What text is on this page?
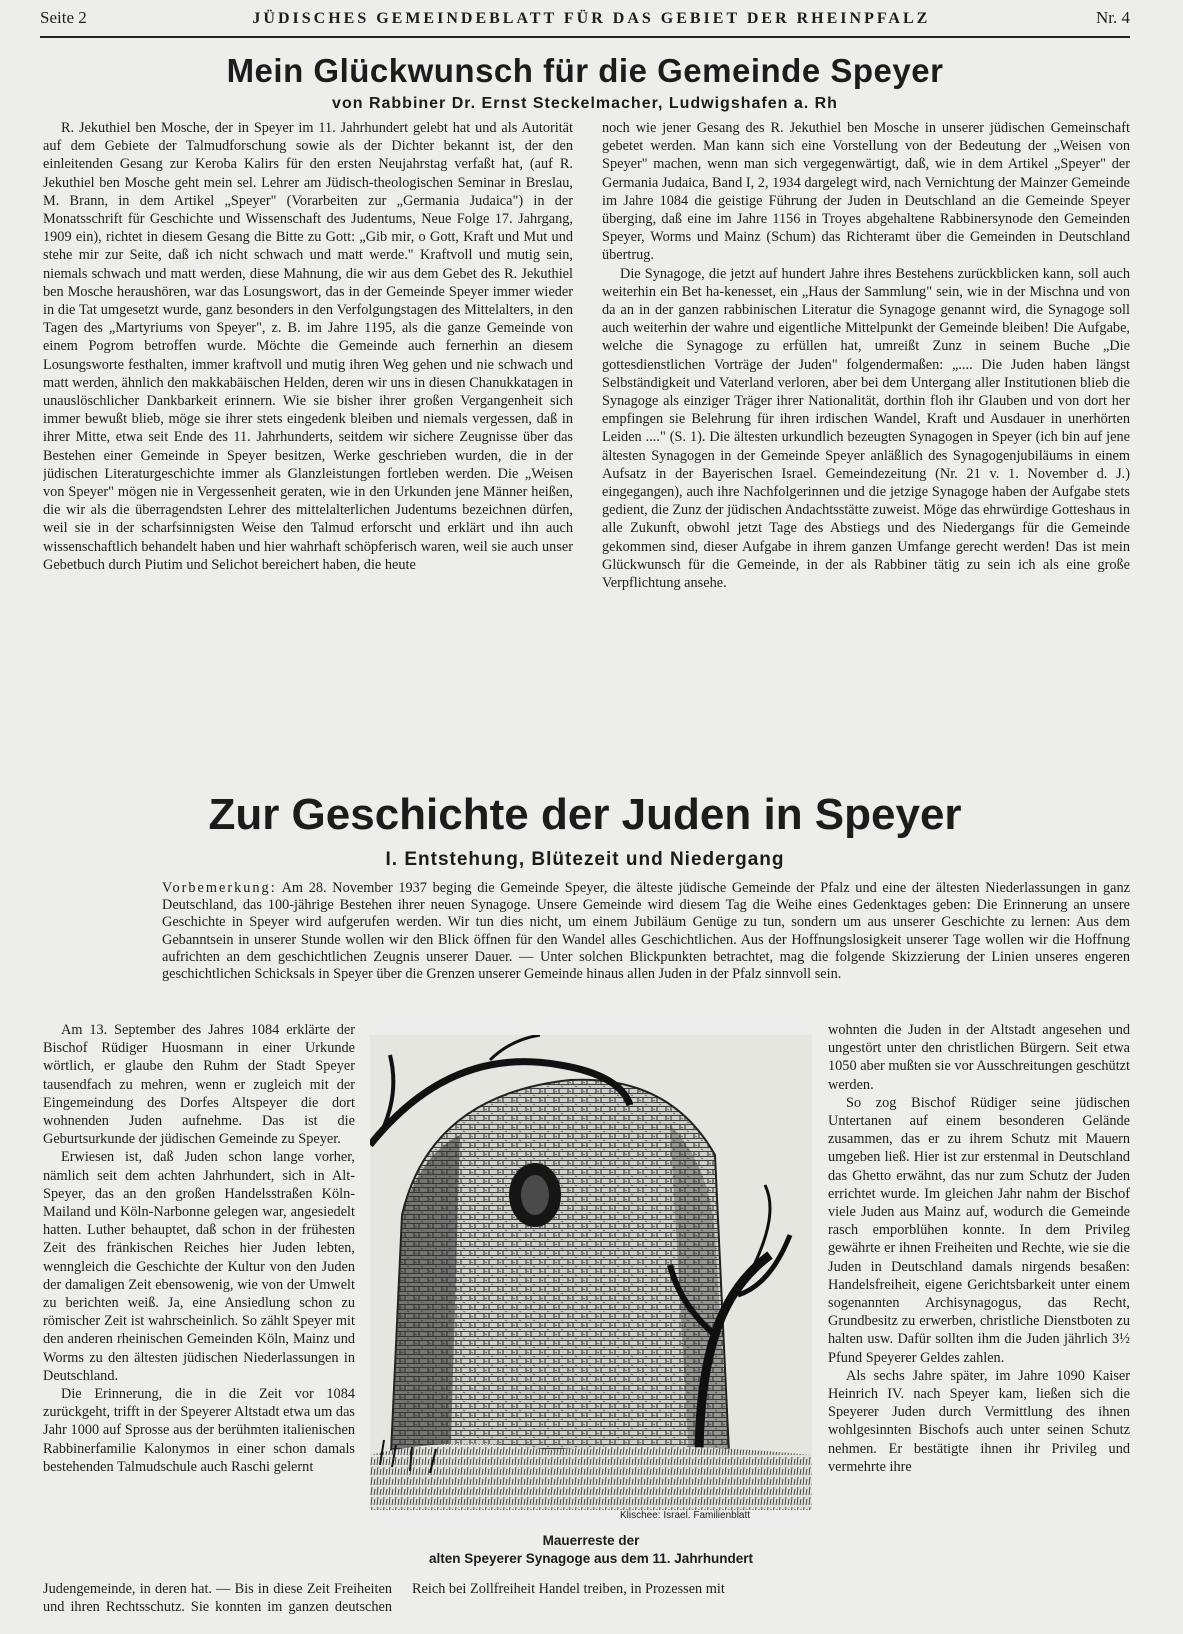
Seite 2	JÜDISCHES GEMEINDEBLATT FÜR DAS GEBIET DER RHEINPFALZ	Nr. 4
Mein Glückwunsch für die Gemeinde Speyer
von Rabbiner Dr. Ernst Steckelmacher, Ludwigshafen a. Rh

R. Jekuthiel ben Mosche, der in Speyer im 11. Jahrhundert gelebt hat und als Autorität auf dem Gebiete der Talmudforschung sowie als der Dichter bekannt ist, der den einleitenden Gesang zur Keroba Kalirs für den ersten Neujahrstag verfaßt hat, (auf R. Jekuthiel ben Mosche geht mein sel. Lehrer am Jüdisch-theologischen Seminar in Breslau, M. Brann, in dem Artikel „Speyer" (Vorarbeiten zur „Germania Judaica") in der Monatsschrift für Geschichte und Wissenschaft des Judentums, Neue Folge 17. Jahrgang, 1909 ein), richtet in diesem Gesang die Bitte zu Gott: „Gib mir, o Gott, Kraft und Mut und stehe mir zur Seite, daß ich nicht schwach und matt werde." Kraftvoll und mutig sein, niemals schwach und matt werden, diese Mahnung, die wir aus dem Gebet des R. Jekuthiel ben Mosche heraushören, war das Losungswort, das in der Gemeinde Speyer immer wieder in die Tat umgesetzt wurde, ganz besonders in den Verfolgungstagen des Mittelalters, in den Tagen des „Martyriums von Speyer", z. B. im Jahre 1195, als die ganze Gemeinde von einem Pogrom betroffen wurde. Möchte die Gemeinde auch fernerhin an diesem Losungsworte festhalten, immer kraftvoll und mutig ihren Weg gehen und nie schwach und matt werden, ähnlich den makkabäischen Helden, deren wir uns in diesen Chanukkatagen in unauslöschlicher Dankbarkeit erinnern. Wie sie bisher ihrer großen Vergangenheit sich immer bewußt blieb, möge sie ihrer stets eingedenk bleiben und niemals vergessen, daß in ihrer Mitte, etwa seit Ende des 11. Jahrhunderts, seitdem wir sichere Zeugnisse über das Bestehen einer Gemeinde in Speyer besitzen, Werke geschrieben wurden, die in der jüdischen Literaturgeschichte immer als Glanzleistungen fortleben werden. Die „Weisen von Speyer" mögen nie in Vergessenheit geraten, wie in den Urkunden jene Männer heißen, die wir als die überragendsten Lehrer des mittelalterlichen Judentums bezeichnen dürfen, weil sie in der scharfsinnigsten Weise den Talmud erforscht und erklärt und ihn auch wissenschaftlich behandelt haben und hier wahrhaft schöpferisch waren, weil sie auch unser Gebetbuch durch Piutim und Selichot bereichert haben, die heute

noch wie jener Gesang des R. Jekuthiel ben Mosche in unserer jüdischen Gemeinschaft gebetet werden. Man kann sich eine Vorstellung von der Bedeutung der „Weisen von Speyer" machen, wenn man sich vergegenwärtigt, daß, wie in dem Artikel „Speyer" der Germania Judaica, Band I, 2, 1934 dargelegt wird, nach Vernichtung der Mainzer Gemeinde im Jahre 1084 die geistige Führung der Juden in Deutschland an die Gemeinde Speyer überging, daß eine im Jahre 1156 in Troyes abgehaltene Rabbinersynode den Gemeinden Speyer, Worms und Mainz (Schum) das Richteramt über die Gemeinden in Deutschland übertrug.

Die Synagoge, die jetzt auf hundert Jahre ihres Bestehens zurückblicken kann, soll auch weiterhin ein Bet ha-kenesset, ein „Haus der Sammlung" sein, wie in der Mischna und von da an in der ganzen rabbinischen Literatur die Synagoge genannt wird, die Synagoge soll auch weiterhin der wahre und eigentliche Mittelpunkt der Gemeinde bleiben! Die Aufgabe, welche die Synagoge zu erfüllen hat, umreißt Zunz in seinem Buche „Die gottesdienstlichen Vorträge der Juden" folgendermaßen: „.... Die Juden haben längst Selbständigkeit und Vaterland verloren, aber bei dem Untergang aller Institutionen blieb die Synagoge als einziger Träger ihrer Nationalität, dorthin floh ihr Glauben und von dort her empfingen sie Belehrung für ihren irdischen Wandel, Kraft und Ausdauer in unerhörten Leiden ...." (S. 1). Die ältesten urkundlich bezeugten Synagogen in Speyer (ich bin auf jene ältesten Synagogen in der Gemeinde Speyer anläßlich des Synagogenjubiläums in einem Aufsatz in der Bayerischen Israel. Gemeindezeitung (Nr. 21 v. 1. November d. J.) eingegangen), auch ihre Nachfolgerinnen und die jetzige Synagoge haben der Aufgabe stets gedient, die Zunz der jüdischen Andachtsstätte zuweist. Möge das ehrwürdige Gotteshaus in alle Zukunft, obwohl jetzt Tage des Abstiegs und des Niedergangs für die Gemeinde gekommen sind, dieser Aufgabe in ihrem ganzen Umfange gerecht werden! Das ist mein Glückwunsch für die Gemeinde, in der als Rabbiner tätig zu sein ich als eine große Verpflichtung ansehe.

Zur Geschichte der Juden in Speyer
I. Entstehung, Blütezeit und Niedergang
Vorbemerkung: Am 28. November 1937 beging die Gemeinde Speyer, die älteste jüdische Gemeinde der Pfalz und eine der ältesten Niederlassungen in ganz Deutschland, das 100-jährige Bestehen ihrer neuen Synagoge. Unsere Gemeinde wird diesem Tag die Weihe eines Gedenktages geben: Die Erinnerung an unsere Geschichte in Speyer wird aufgerufen werden. Wir tun dies nicht, um einem Jubiläum Genüge zu tun, sondern um aus unserer Geschichte zu lernen: Aus dem Gebanntsein in unserer Stunde wollen wir den Blick öffnen für den Wandel alles Geschichtlichen. Aus der Hoffnungslosigkeit unserer Tage wollen wir die Hoffnung aufrichten an dem geschichtlichen Zeugnis unserer Dauer. — Unter solchen Blickpunkten betrachtet, mag die folgende Skizzierung der Linien unseres engeren geschichtlichen Schicksals in Speyer über die Grenzen unserer Gemeinde hinaus allen Juden in der Pfalz sinnvoll sein.

Am 13. September des Jahres 1084 erklärte der Bischof Rüdiger Huosmann in einer Urkunde wörtlich, er glaube den Ruhm der Stadt Speyer tausendfach zu mehren, wenn er zugleich mit der Eingemeindung des Dorfes Altspeyer die dort wohnenden Juden aufnehme. Das ist die Geburtsurkunde der jüdischen Gemeinde zu Speyer.

Erwiesen ist, daß Juden schon lange vorher, nämlich seit dem achten Jahrhundert, sich in Alt-Speyer, das an den großen Handelsstraßen Köln-Mailand und Köln-Narbonne gelegen war, angesiedelt hatten. Luther behauptet, daß schon in der frühesten Zeit des fränkischen Reiches hier Juden lebten, wenngleich die Geschichte der Kultur von den Juden der damaligen Zeit ebensowenig, wie von der Umwelt zu berichten weiß. Ja, eine Ansiedlung schon zu römischer Zeit ist wahrscheinlich. So zählt Speyer mit den anderen rheinischen Gemeinden Köln, Mainz und Worms zu den ältesten jüdischen Niederlassungen in Deutschland.

Die Erinnerung, die in die Zeit vor 1084 zurückgeht, trifft in der Speyerer Altstadt etwa um das Jahr 1000 auf Sprosse aus der berühmten italienischen Rabbinerfamilie Kalonymos in einer schon damals bestehenden Talmudschule auch Raschi gelernt

Klischee: Israel. Familienblatt
Mauerreste der
alten Speyerer Synagoge aus dem 11. Jahrhundert

wohnten die Juden in der Altstadt angesehen und ungestört unter den christlichen Bürgern. Seit etwa 1050 aber mußten sie vor Ausschreitungen geschützt werden.

So zog Bischof Rüdiger seine jüdischen Untertanen auf einem besonderen Gelände zusammen, das er zu ihrem Schutz mit Mauern umgeben ließ. Hier ist zur erstenmal in Deutschland das Ghetto erwähnt, das nur zum Schutz der Juden errichtet wurde. Im gleichen Jahr nahm der Bischof viele Juden aus Mainz auf, wodurch die Gemeinde rasch emporblühen konnte. In dem Privileg gewährte er ihnen Freiheiten und Rechte, wie sie die Juden in Deutschland damals nirgends besaßen: Handelsfreiheit, eigene Gerichtsbarkeit unter einem sogenannten Archisynagogus, das Recht, Grundbesitz zu erwerben, christliche Dienstboten zu halten usw. Dafür sollten ihm die Juden jährlich 3½ Pfund Speyerer Geldes zahlen.

Als sechs Jahre später, im Jahre 1090 Kaiser Heinrich IV. nach Speyer kam, ließen sich die Speyerer Juden durch Vermittlung des ihnen wohlgesinnten Bischofs auch unter seinen Schutz nehmen. Er bestätigte ihnen ihr Privileg und vermehrte ihre

Judengemeinde, in deren hat. — Bis in diese Zeit Freiheiten und ihren Rechtsschutz. Sie konnten im ganzen deutschen Reich bei Zollfreiheit Handel treiben, in Prozessen mit
